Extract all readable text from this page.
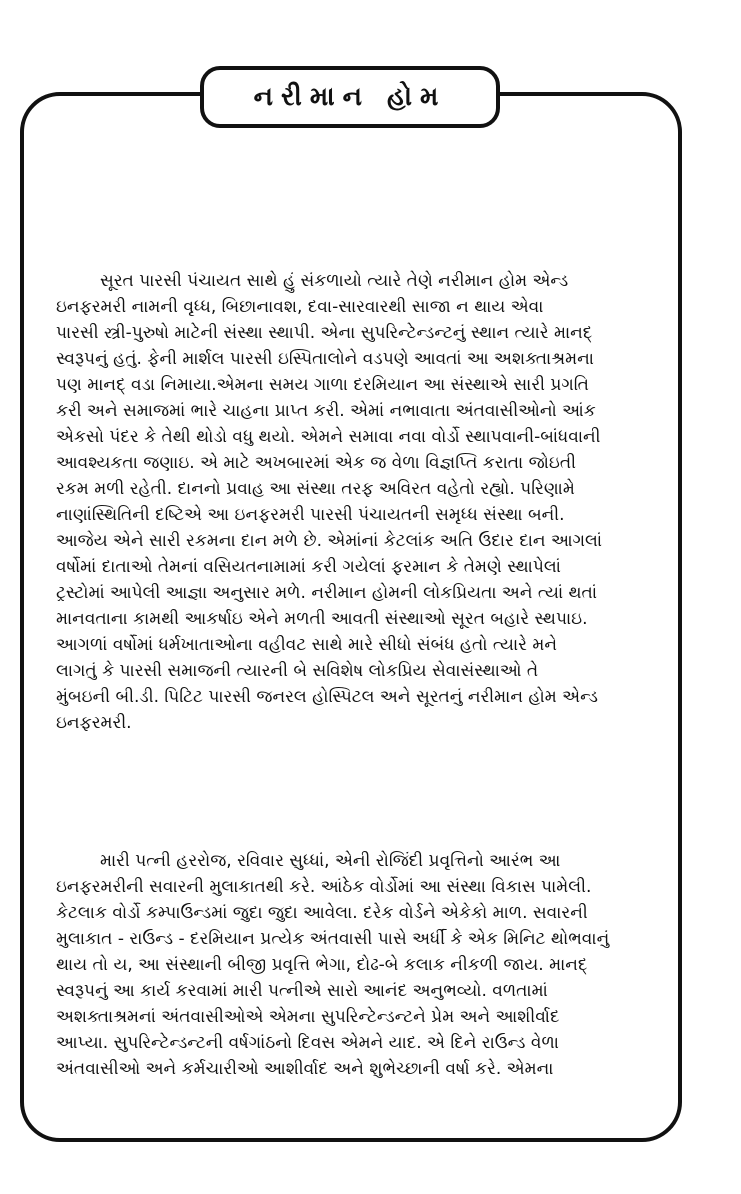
નરીમાન હોમ
સૂરત પારસી પંચાયત સાથે હું સંકળાયો ત્યારે તેણે નરીમાન હોમ એન્ડ
ઇનફરમરી નામની વૃધ્ધ, બિછાનાવશ, દવા-સારવારથી સાજા ન થાય એવા
પારસી સ્ત્રી-પુરુષો માટેની સંસ્થા સ્થાપી. એના સુપરિન્ટેન્ડન્ટનું સ્થાન ત્યારે માનદ્
સ્વરૂપનું હતું. ફેની માર્શલ પારસી ઇસ્પિતાલોને વડપણે આવતાં આ અશક્તાશ્રમના
પણ માનદ્ વડા નિમાયા.એમના સમય ગાળા દરમિયાન આ સંસ્થાએ સારી પ્રગતિ
કરી અને સમાજમાં ભારે ચાહના પ્રાપ્ત કરી. એમાં નભાવાતા અંતવાસીઓનો આંક
એકસો પંદર કે તેથી થોડો વધુ થયો. એમને સમાવા નવા વોર્ડો સ્થાપવાની-બાંધવાની
આવશ્યકતા જણાઇ. એ માટે અખબારમાં એક જ વેળા વિજ્ઞપ્તિ કરાતા જોઇતી
રકમ મળી રહેતી. દાનનો પ્રવાહ આ સંસ્થા તરફ અવિરત વહેતો રહ્યો. પરિણામે
નાણાંસ્થિતિની દષ્ટિએ આ ઇનફરમરી પારસી પંચાયતની સમૃધ્ધ સંસ્થા બની.
આજેય એને સારી રકમના દાન મળે છે. એમાંનાં કેટલાંક અતિ ઉદાર દાન આગલાં
વર્ષોમાં દાતાઓ તેમનાં વસિયતનામામાં કરી ગયેલાં ફરમાન કે તેમણે સ્થાપેલાં
ટ્રસ્ટોમાં આપેલી આજ્ઞા અનુસાર મળે. નરીમાન હોમની લોકપ્રિયતા અને ત્યાં થતાં
માનવતાના કામથી આકર્ષાઇ એને મળતી આવતી સંસ્થાઓ સૂરત બહારે સ્થપાઇ.
આગળાં વર્ષોમાં ધર્મખાતાઓના વહીવટ સાથે મારે સીધો સંબંધ હતો ત્યારે મને
લાગતું કે પારસી સમાજની ત્યારની બે સવિશેષ લોકપ્રિય સેવાસંસ્થાઓ તે
મુંબઇની બી.ડી. પિટિટ પારસી જનરલ હોસ્પિટલ અને સૂરતનું નરીમાન હોમ એન્ડ
ઇનફરમરી.
મારી પત્ની હરરોજ, રવિવાર સુધ્ધાં, એની રોજિંદી પ્રવૃત્તિનો આરંભ આ
ઇનફરમરીની સવારની મુલાકાતથી કરે. આંઠેક વોર્ડોમાં આ સંસ્થા વિકાસ પામેલી.
કેટલાક વોર્ડો કમ્પાઉન્ડમાં જુદા જુદા આવેલા. દરેક વોર્ડને એકેકો માળ. સવારની
મુલાકાત - રાઉન્ડ - દરમિયાન પ્રત્યેક અંતવાસી પાસે અર્ધી કે એક મિનિટ થોભવાનું
થાય તો ય, આ સંસ્થાની બીજી પ્રવૃત્તિ ભેગા, દોઢ-બે કલાક નીકળી જાય. માનદ્
સ્વરૂપનું આ કાર્ય કરવામાં મારી પત્નીએ સારો આનંદ અનુભવ્યો. વળતામાં
અશક્તાશ્રમનાં અંતવાસીઓએ એમના સુપરિન્ટેન્ડન્ટને પ્રેમ અને આશીર્વાદ
આપ્યા. સુપરિન્ટેન્ડન્ટની વર્ષગાંઠનો દિવસ એમને યાદ. એ દિને રાઉન્ડ વેળા
અંતવાસીઓ અને કર્મચારીઓ આશીર્વાદ અને શુભેચ્છાની વર્ષા કરે. એમના
